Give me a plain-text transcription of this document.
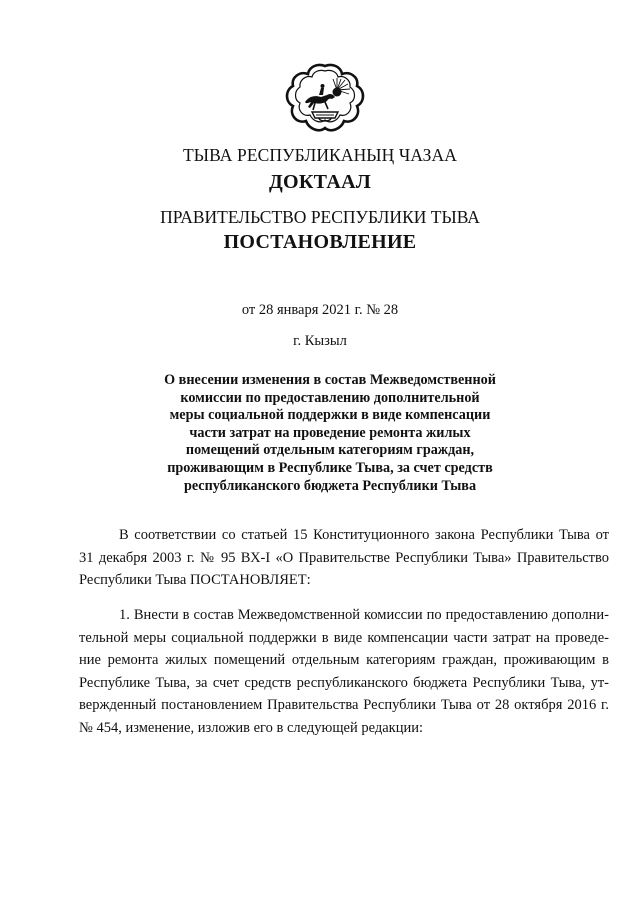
ТЫВА РЕСПУБЛИКАНЫҢ ЧАЗАА
ДОКТААЛ
ПРАВИТЕЛЬСТВО РЕСПУБЛИКИ ТЫВА
ПОСТАНОВЛЕНИЕ
от 28 января 2021 г. № 28
г. Кызыл
О внесении изменения в состав Межведомственной
комиссии по предоставлению дополнительной
меры социальной поддержки в виде компенсации
части затрат на проведение ремонта жилых
помещений отдельным категориям граждан,
проживающим в Республике Тыва, за счет средств
республиканского бюджета Республики Тыва
В соответствии со статьей 15 Конституционного закона Республики Тыва от
31 декабря 2003 г. № 95 ВХ-I «О Правительстве Республики Тыва» Правительство
Республики Тыва ПОСТАНОВЛЯЕТ:
1. Внести в состав Межведомственной комиссии по предоставлению дополни-
тельной меры социальной поддержки в виде компенсации части затрат на проведе-
ние ремонта жилых помещений отдельным категориям граждан, проживающим в
Республике Тыва, за счет средств республиканского бюджета Республики Тыва, ут-
вержденный постановлением Правительства Республики Тыва от 28 октября 2016 г.
№ 454, изменение, изложив его в следующей редакции:
